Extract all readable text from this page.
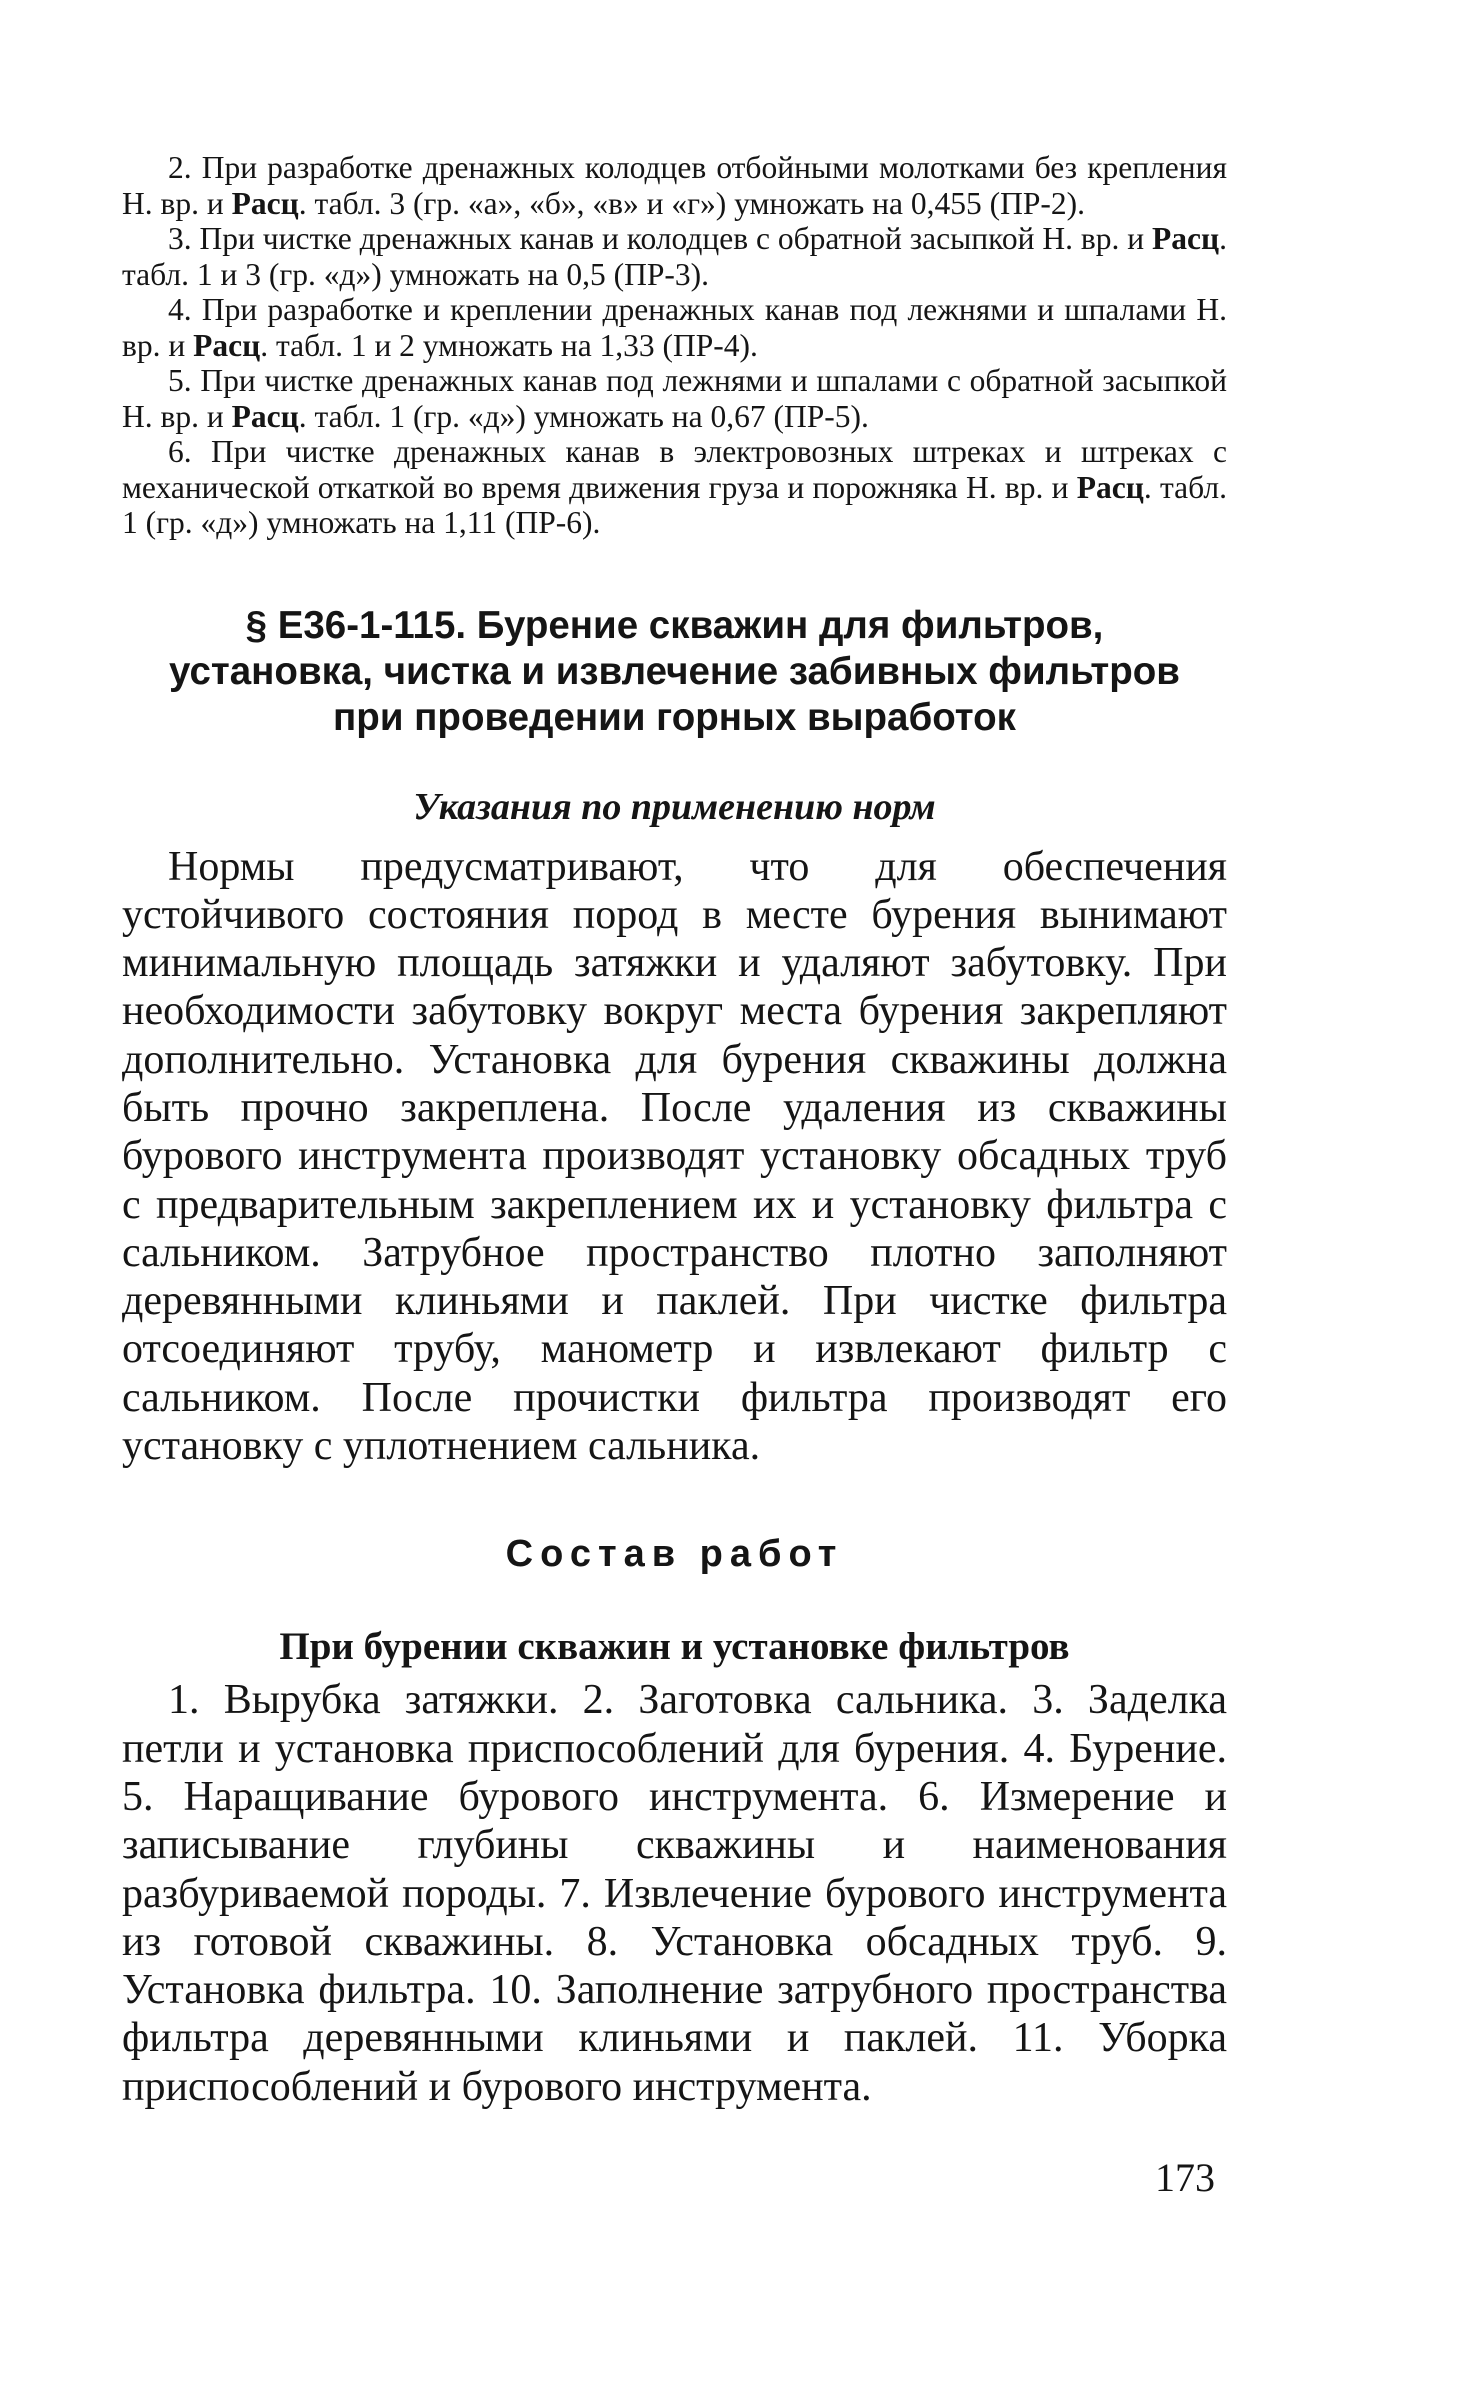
2. При разработке дренажных колодцев отбойными молотками без крепления Н. вр. и Расц. табл. 3 (гр. «а», «б», «в» и «г») умножать на 0,455 (ПР-2).

3. При чистке дренажных канав и колодцев с обратной засыпкой Н. вр. и Расц. табл. 1 и 3 (гр. «д») умножать на 0,5 (ПР-3).

4. При разработке и креплении дренажных канав под лежнями и шпалами Н. вр. и Расц. табл. 1 и 2 умножать на 1,33 (ПР-4).

5. При чистке дренажных канав под лежнями и шпалами с обратной засыпкой Н. вр. и Расц. табл. 1 (гр. «д») умножать на 0,67 (ПР-5).

6. При чистке дренажных канав в электровозных штреках и штреках с механической откаткой во время движения груза и порожняка Н. вр. и Расц. табл. 1 (гр. «д») умножать на 1,11 (ПР-6).

§ Е36-1-115. Бурение скважин для фильтров,
установка, чистка и извлечение забивных фильтров
при проведении горных выработок
Указания по применению норм

Нормы предусматривают, что для обеспечения устойчивого состояния пород в месте бурения вынимают минимальную площадь затяжки и удаляют забутовку. При необходимости забутовку вокруг места бурения закрепляют дополнительно. Установка для бурения скважины должна быть прочно закреплена. После удаления из скважины бурового инструмента производят установку обсадных труб с предварительным закреплением их и установку фильтра с сальником. Затрубное пространство плотно заполняют деревянными клиньями и паклей. При чистке фильтра отсоединяют трубу, манометр и извлекают фильтр с сальником. После прочистки фильтра производят его установку с уплотнением сальника.

Состав работ
При бурении скважин и установке фильтров

1. Вырубка затяжки. 2. Заготовка сальника. 3. Заделка петли и установка приспособлений для бурения. 4. Бурение. 5. Наращивание бурового инструмента. 6. Измерение и записывание глубины скважины и наименования разбуриваемой породы. 7. Извлечение бурового инструмента из готовой скважины. 8. Установка обсадных труб. 9. Установка фильтра. 10. Заполнение затрубного пространства фильтра деревянными клиньями и паклей. 11. Уборка приспособлений и бурового инструмента.

173
